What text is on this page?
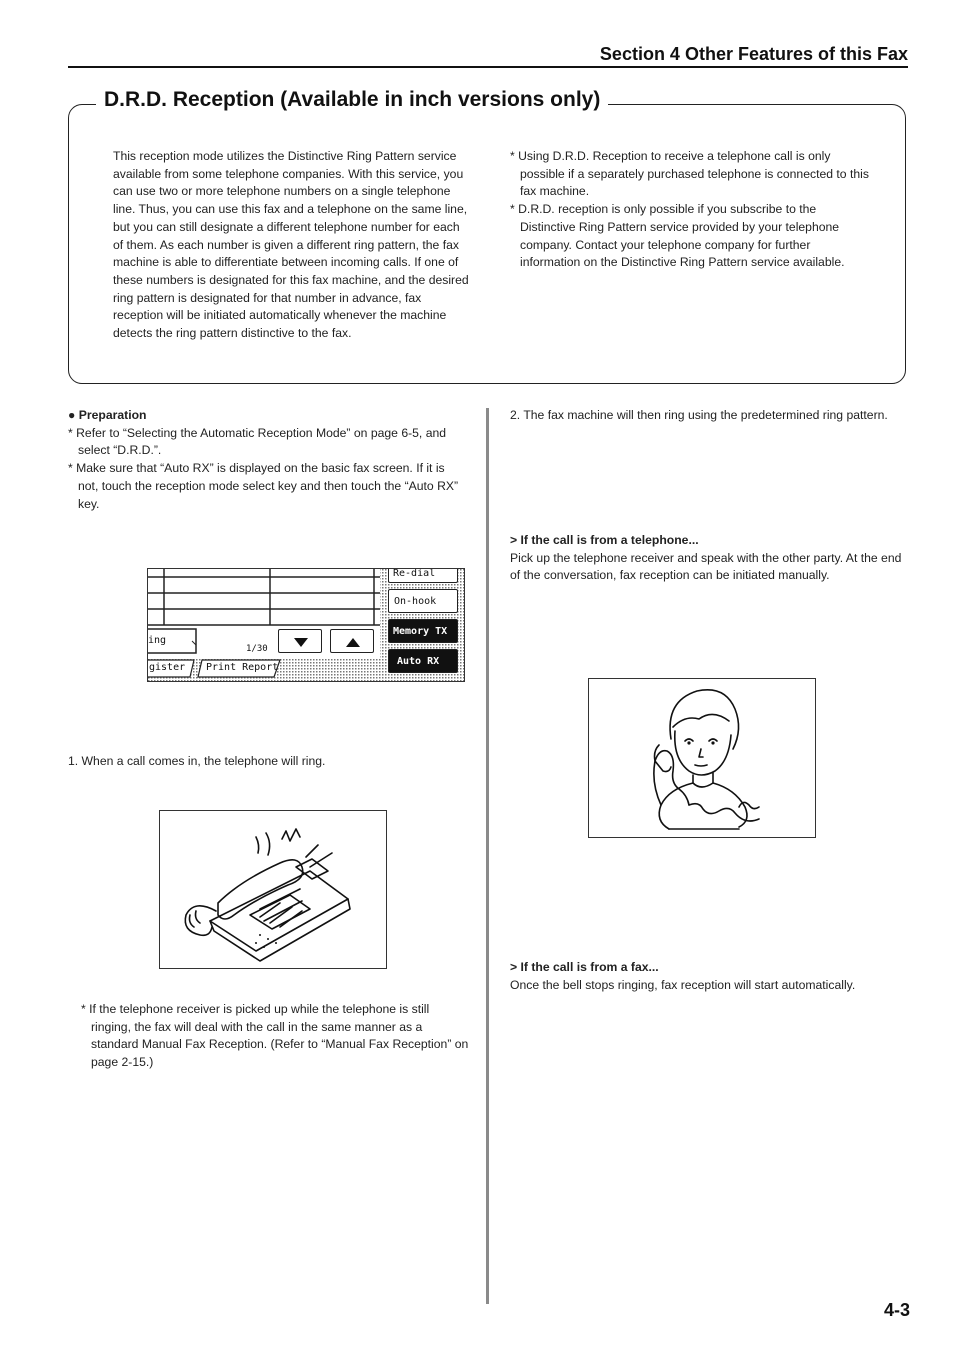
Section 4 Other Features of this Fax
D.R.D. Reception (Available in inch versions only)
This reception mode utilizes the Distinctive Ring Pattern service available from some telephone companies. With this service, you can use two or more telephone numbers on a single telephone line. Thus, you can use this fax and a telephone on the same line, but you can still designate a different telephone number for each of them. As each number is given a different ring pattern, the fax machine is able to differentiate between incoming calls. If one of these numbers is designated for this fax machine, and the desired ring pattern is designated for that number in advance, fax reception will be initiated automatically whenever the machine detects the ring pattern distinctive to the fax.
* Using D.R.D. Reception to receive a telephone call is only possible if a separately purchased telephone is connected to this fax machine.
* D.R.D. reception is only possible if you subscribe to the Distinctive Ring Pattern service provided by your telephone company. Contact your telephone company for further information on the Distinctive Ring Pattern service available.
● Preparation
* Refer to “Selecting the Automatic Reception Mode” on page 6-5, and select “D.R.D.”.
* Make sure that “Auto RX” is displayed on the basic fax screen. If it is not, touch the reception mode select key and then touch the “Auto RX” key.
ing
1/30
gister Print Report
Re-dial
On-hook
Memory TX
Auto RX
1. When a call comes in, the telephone will ring.
* If the telephone receiver is picked up while the telephone is still ringing, the fax will deal with the call in the same manner as a standard Manual Fax Reception. (Refer to “Manual Fax Reception” on page 2-15.)
2. The fax machine will then ring using the predetermined ring pattern.
> If the call is from a telephone...
Pick up the telephone receiver and speak with the other party. At the end of the conversation, fax reception can be initiated manually.
> If the call is from a fax...
Once the bell stops ringing, fax reception will start automatically.
4-3
